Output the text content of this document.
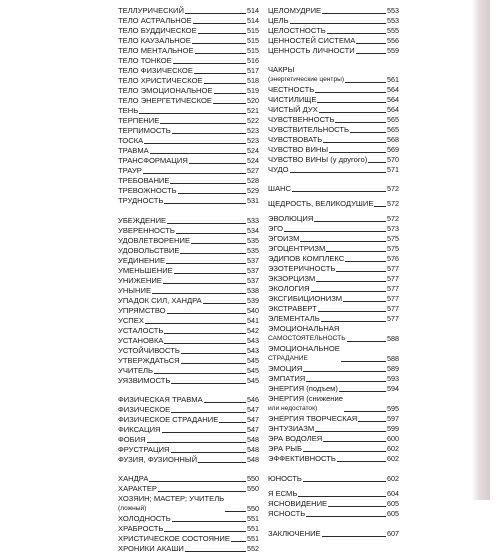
ТЕЛЛУРИЧЕСКИЙ	514
ТЕЛО АСТРАЛЬНОЕ	514
ТЕЛО БУДДИЧЕСКОЕ	515
ТЕЛО КАУЗАЛЬНОЕ	515
ТЕЛО МЕНТАЛЬНОЕ	515
ТЕЛО ТОНКОЕ	516
ТЕЛО ФИЗИЧЕСКОЕ	517
ТЕЛО ХРИСТИЧЕСКОЕ	518
ТЕЛО ЭМОЦИОНАЛЬНОЕ	519
ТЕЛО ЭНЕРГЕТИЧЕСКОЕ	520
ТЕНЬ	521
ТЕРПЕНИЕ	522
ТЕРПИМОСТЬ	523
ТОСКА	523
ТРАВМА	524
ТРАНСФОРМАЦИЯ	524
ТРАУР	527
ТРЕБОВАНИЕ	528
ТРЕВОЖНОСТЬ	529
ТРУДНОСТЬ	531
УБЕЖДЕНИЕ	533
УВЕРЕННОСТЬ	534
УДОВЛЕТВОРЕНИЕ	535
УДОВОЛЬСТВИЕ	535
УЕДИНЕНИЕ	537
УМЕНЬШЕНИЕ	537
УНИЖЕНИЕ	537
УНЫНИЕ	538
УПАДОК СИЛ, ХАНДРА	539
УПРЯМСТВО	540
УСПЕХ	541
УСТАЛОСТЬ	542
УСТАНОВКА	543
УСТОЙЧИВОСТЬ	543
УТВЕРЖДАТЬСЯ	545
УЧИТЕЛЬ	545
УЯЗВИМОСТЬ	545
ФИЗИЧЕСКАЯ ТРАВМА	546
ФИЗИЧЕСКОЕ	547
ФИЗИЧЕСКОЕ СТРАДАНИЕ	547
ФИКСАЦИЯ	547
ФОБИЯ	548
ФРУСТРАЦИЯ	548
ФУЗИЯ, ФУЗИОННЫЙ	548
ХАНДРА	550
ХАРАКТЕР	550
ХОЗЯИН; МАСТЕР; УЧИТЕЛЬ
(ложный)	550
ХОЛОДНОСТЬ	551
ХРАБРОСТЬ	551
ХРИСТИЧЕСКОЕ СОСТОЯНИЕ 551
ХРОНИКИ АКАШИ	552
ЦЕЛОМУДРИЕ	553
ЦЕЛЬ	553
ЦЕЛОСТНОСТЬ	555
ЦЕННОСТЕЙ СИСТЕМА	556
ЦЕННОСТЬ ЛИЧНОСТИ	559
ЧАКРЫ
(энергетические центры)	561
ЧЕСТНОСТЬ	564
ЧИСТИЛИЩЕ	564
ЧИСТЫЙ ДУХ	564
ЧУВСТВЕННОСТЬ	565
ЧУВСТВИТЕЛЬНОСТЬ	565
ЧУВСТВОВАТЬ	568
ЧУВСТВО ВИНЫ	569
ЧУВСТВО ВИНЫ (у другого)	570
ЧУДО	571
ШАНС	572
ЩЕДРОСТЬ, ВЕЛИКОДУШИЕ 572
ЭВОЛЮЦИЯ	572
ЭГО	573
ЭГОИЗМ	575
ЭГОЦЕНТРИЗМ	575
ЭДИПОВ КОМПЛЕКС	576
ЭЗОТЕРИЧНОСТЬ	577
ЭКЗОРЦИЗМ	577
ЭКОЛОГИЯ	577
ЭКСГИБИЦИОНИЗМ	577
ЭКСТРАВЕРТ	577
ЭЛЕМЕНТАЛЬ	577
ЭМОЦИОНАЛЬНАЯ
САМОСТОЯТЕЛЬНОСТЬ	588
ЭМОЦИОНАЛЬНОЕ
СТРАДАНИЕ	588
ЭМОЦИЯ	589
ЭМПАТИЯ	593
ЭНЕРГИЯ (подъем)	594
ЭНЕРГИЯ (снижение
или недостаток)	595
ЭНЕРГИЯ ТВОРЧЕСКАЯ	597
ЭНТУЗИАЗМ	599
ЭРА ВОДОЛЕЯ	600
ЭРА РЫБ	602
ЭФФЕКТИВНОСТЬ	602
ЮНОСТЬ	602
Я ЕСМЬ	604
ЯСНОВИДЕНИЕ	605
ЯСНОСТЬ	605
ЗАКЛЮЧЕНИЕ	607
